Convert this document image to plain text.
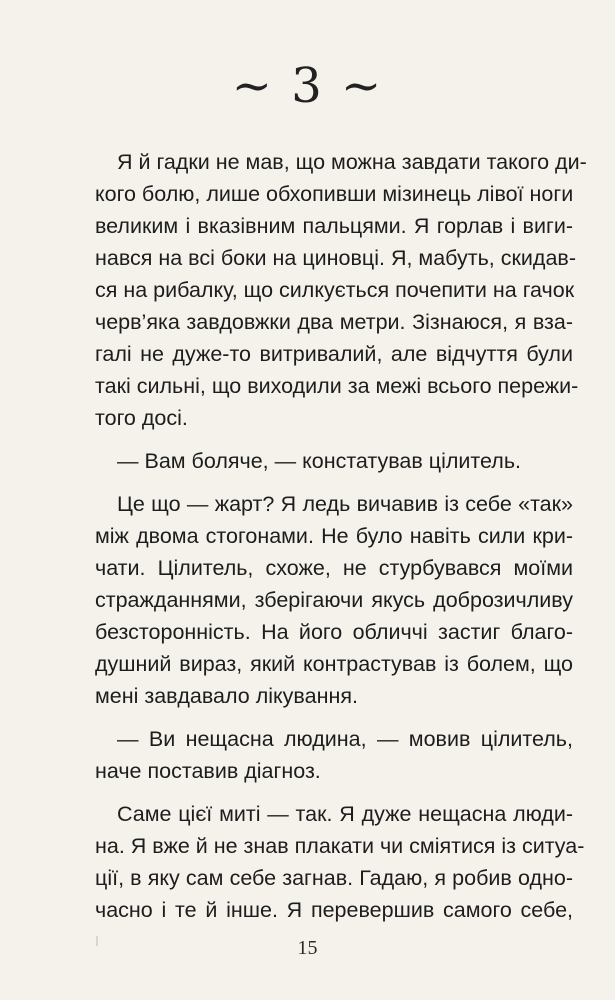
~ 3 ~
Я й гадки не мав, що можна завдати такого ди-
кого болю, лише обхопивши мізинець лівої ноги
великим і вказівним пальцями. Я горлав і виги-
нався на всі боки на циновці. Я, мабуть, скидав-
ся на рибалку, що силкується почепити на гачок
черв’яка завдовжки два метри. Зізнаюся, я вза-
галі не дуже-то витривалий, але відчуття були
такі сильні, що виходили за межі всього пережи-
того досі.
— Вам боляче, — констатував цілитель.
Це що — жарт? Я ледь вичавив із себе «так»
між двома стогонами. Не було навіть сили кри-
чати. Цілитель, схоже, не стурбувався моїми
стражданнями, зберігаючи якусь доброзичливу
безсторонність. На його обличчі застиг благо-
душний вираз, який контрастував із болем, що
мені завдавало лікування.
— Ви нещасна людина, — мовив цілитель,
наче поставив діагноз.
Саме цієї миті — так. Я дуже нещасна люди-
на. Я вже й не знав плакати чи сміятися із ситуа-
ції, в яку сам себе загнав. Гадаю, я робив одно-
часно і те й інше. Я перевершив самого себе,
15
